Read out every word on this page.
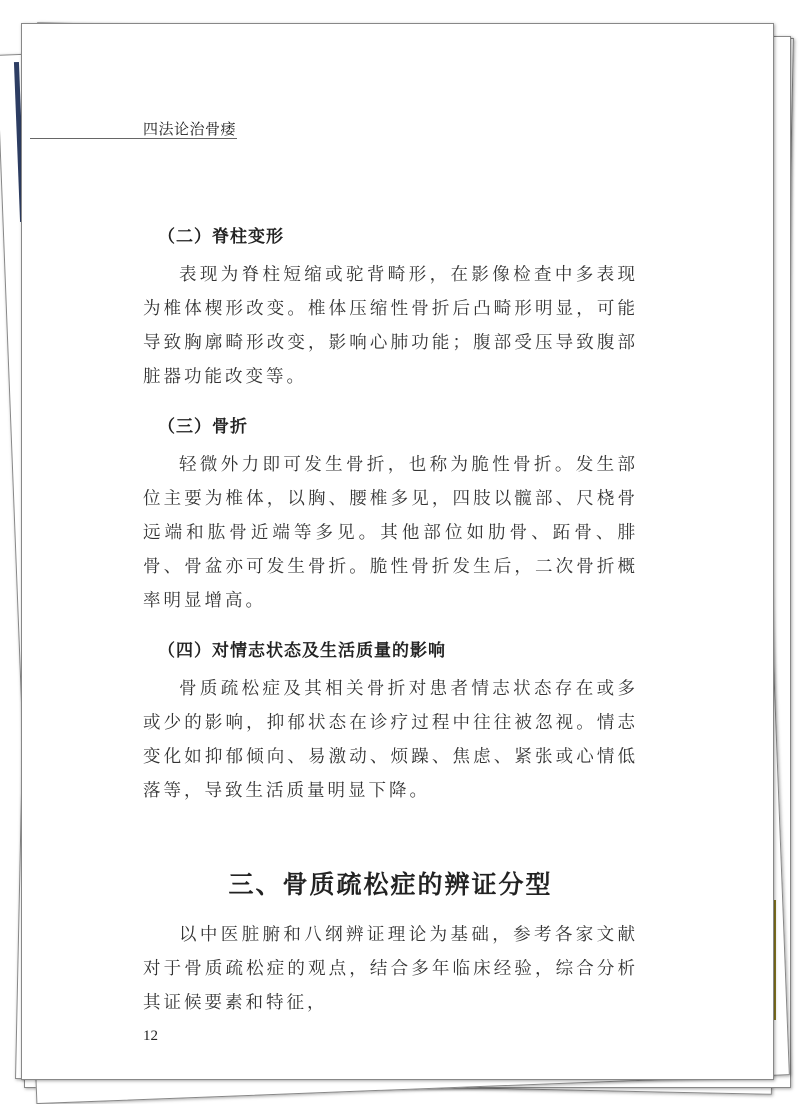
四法论治骨痿
（二）脊柱变形
表现为脊柱短缩或驼背畸形，在影像检查中多表现为椎体楔形改变。椎体压缩性骨折后凸畸形明显，可能导致胸廓畸形改变，影响心肺功能；腹部受压导致腹部脏器功能改变等。
（三）骨折
轻微外力即可发生骨折，也称为脆性骨折。发生部位主要为椎体，以胸、腰椎多见，四肢以髋部、尺桡骨远端和肱骨近端等多见。其他部位如肋骨、跖骨、腓骨、骨盆亦可发生骨折。脆性骨折发生后，二次骨折概率明显增高。
（四）对情志状态及生活质量的影响
骨质疏松症及其相关骨折对患者情志状态存在或多或少的影响，抑郁状态在诊疗过程中往往被忽视。情志变化如抑郁倾向、易激动、烦躁、焦虑、紧张或心情低落等，导致生活质量明显下降。
三、骨质疏松症的辨证分型
以中医脏腑和八纲辨证理论为基础，参考各家文献对于骨质疏松症的观点，结合多年临床经验，综合分析其证候要素和特征，
12
